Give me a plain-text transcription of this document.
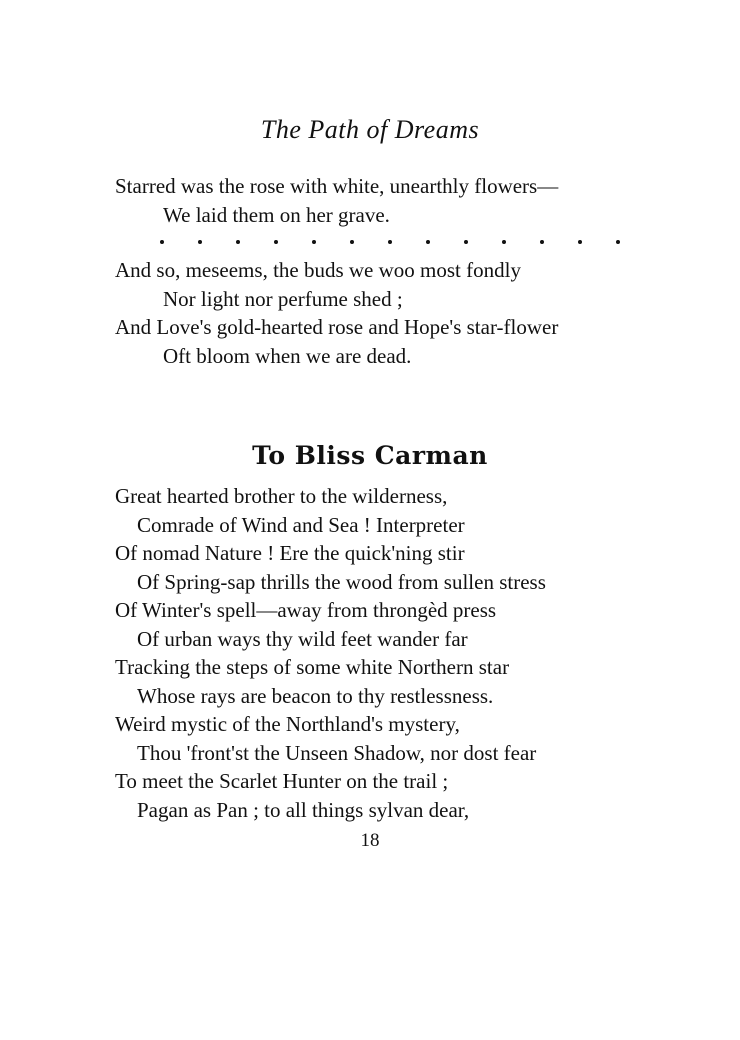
The Path of Dreams
Starred was the rose with white, unearthly flowers—
We laid them on her grave.
And so, meseems, the buds we woo most fondly
Nor light nor perfume shed ;
And Love's gold-hearted rose and Hope's star-flower
Oft bloom when we are dead.
To Bliss Carman
Great hearted brother to the wilderness,
Comrade of Wind and Sea ! Interpreter
Of nomad Nature ! Ere the quick'ning stir
Of Spring-sap thrills the wood from sullen stress
Of Winter's spell—away from throngèd press
Of urban ways thy wild feet wander far
Tracking the steps of some white Northern star
Whose rays are beacon to thy restlessness.
Weird mystic of the Northland's mystery,
Thou 'front'st the Unseen Shadow, nor dost fear
To meet the Scarlet Hunter on the trail ;
Pagan as Pan ; to all things sylvan dear,
18
